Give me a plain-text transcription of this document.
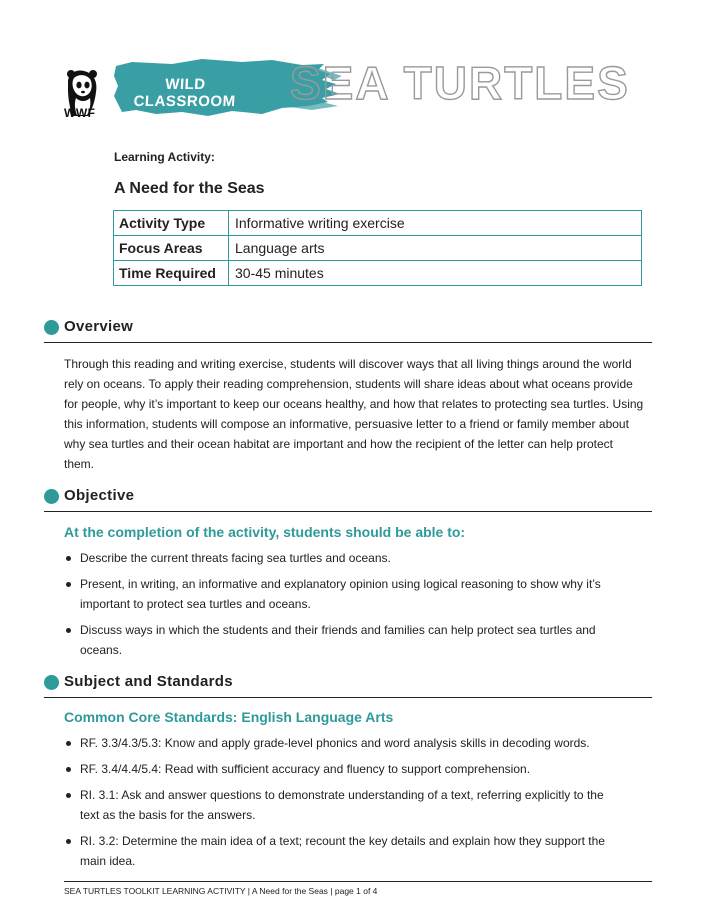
WWF
WILD CLASSROOM	SEA TURTLES
Learning Activity:
A Need for the Seas
Activity Type	Informative writing exercise
Focus Areas	Language arts
Time Required	30-45 minutes
Overview

Through this reading and writing exercise, students will discover ways that all living things around the world rely on oceans. To apply their reading comprehension, students will share ideas about what oceans provide for people, why it’s important to keep our oceans healthy, and how that relates to protecting sea turtles. Using this information, students will compose an informative, persuasive letter to a friend or family member about why sea turtles and their ocean habitat are important and how the recipient of the letter can help protect them.

Objective
At the completion of the activity, students should be able to:
Describe the current threats facing sea turtles and oceans.
Present, in writing, an informative and explanatory opinion using logical reasoning to show why it’s important to protect sea turtles and oceans.
Discuss ways in which the students and their friends and families can help protect sea turtles and oceans.
Subject and Standards
Common Core Standards: English Language Arts
RF. 3.3/4.3/5.3: Know and apply grade-level phonics and word analysis skills in decoding words.
RF. 3.4/4.4/5.4: Read with sufficient accuracy and fluency to support comprehension.
RI. 3.1: Ask and answer questions to demonstrate understanding of a text, referring explicitly to the text as the basis for the answers.
RI. 3.2: Determine the main idea of a text; recount the key details and explain how they support the main idea.
SEA TURTLES TOOLKIT LEARNING ACTIVITY | A Need for the Seas | page 1 of 4
